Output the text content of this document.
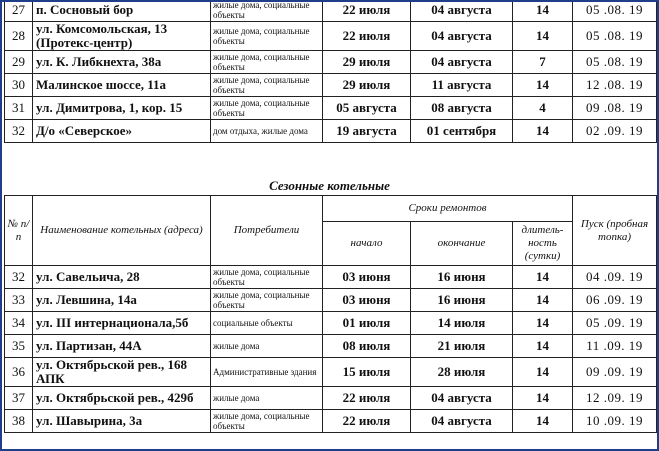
27	п. Сосновый бор	жилые дома, социальные объекты	22 июля	04 августа	14	05 .08. 19
28	ул. Комсомольская, 13 (Протекс-центр)	жилые дома, социальные объекты	22 июля	04 августа	14	05 .08. 19
29	ул. К. Либкнехта, 38а	жилые дома, социальные объекты	29 июля	04 августа	7	05 .08. 19
30	Малинское шоссе, 11а	жилые дома, социальные объекты	29 июля	11 августа	14	12 .08. 19
31	ул. Димитрова, 1, кор. 15	жилые дома, социальные объекты	05 августа	08 августа	4	09 .08. 19
32	Д/о «Северское»	дом отдыха, жилые дома	19 августа	01 сентября	14	02 .09. 19
Сезонные котельные
№ п/п	Наименование котельных (адреса)	Потребители	Сроки ремонтов			Пуск (пробная топка)
			начало	окончание	длитель-ность (сутки)	
32	ул. Савельича, 28	жилые дома, социальные объекты	03 июня	16 июня	14	04 .09. 19
33	ул. Левшина, 14а	жилые дома, социальные объекты	03 июня	16 июня	14	06 .09. 19
34	ул. III интернационала,5б	социальные объекты	01 июля	14 июля	14	05 .09. 19
35	ул. Партизан, 44А	жилые дома	08 июля	21 июля	14	11 .09. 19
36	ул. Октябрьской рев., 168 АПК	Административные здания	15 июля	28 июля	14	09 .09. 19
37	ул. Октябрьской рев., 429б	жилые дома	22 июля	04 августа	14	12 .09. 19
38	ул. Шавырина, 3а	жилые дома, социальные объекты	22 июля	04 августа	14	10 .09. 19
